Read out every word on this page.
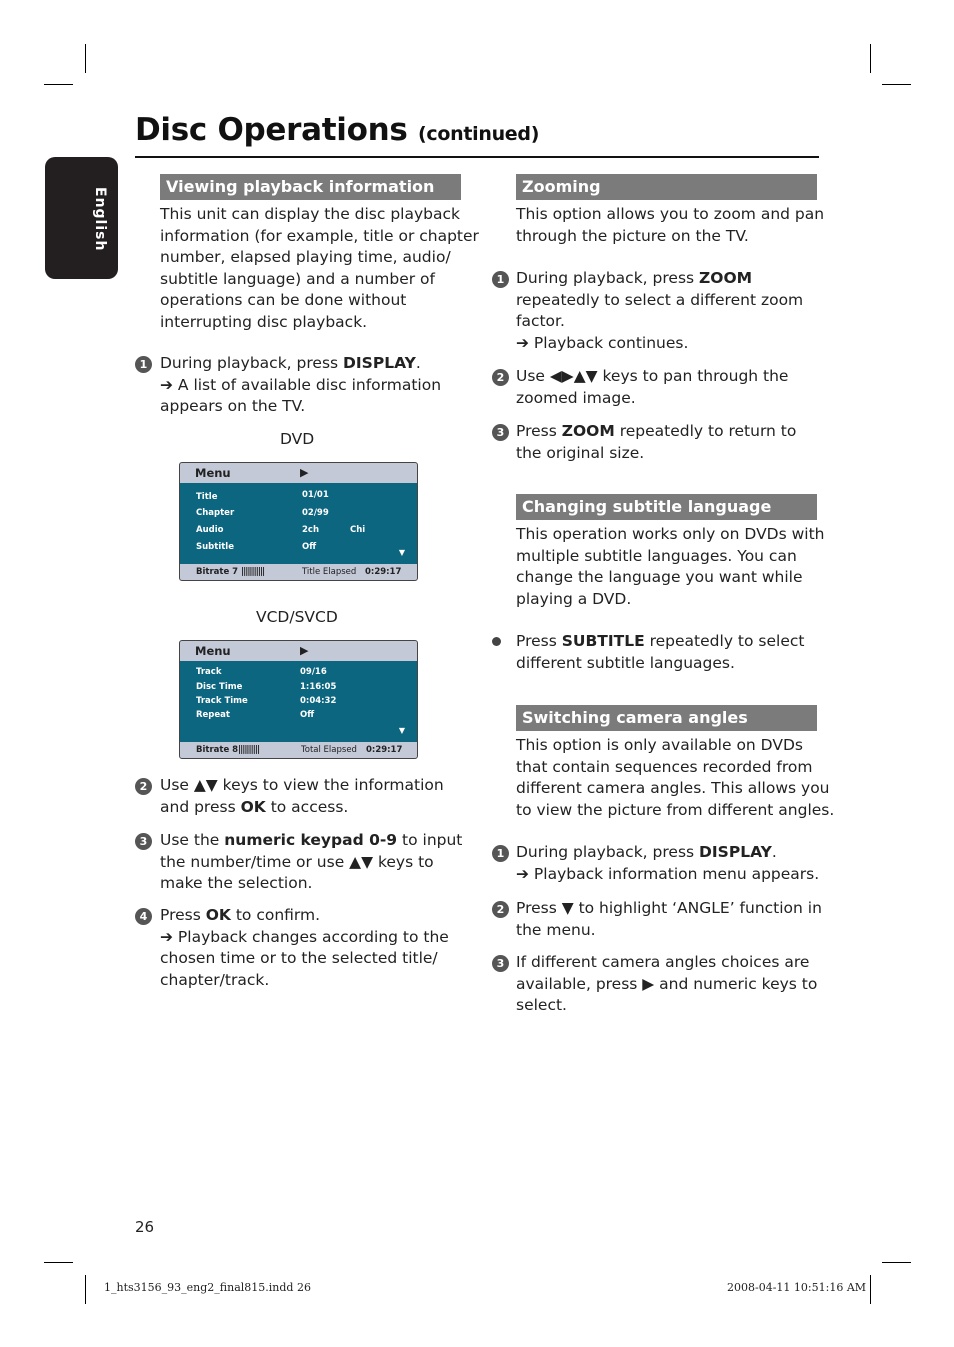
Disc Operations (continued)
English
Viewing playback information
This unit can display the disc playback
information (for example, title or chapter
number, elapsed playing time, audio/
subtitle language) and a number of
operations can be done without
interrupting disc playback.
1 During playback, press DISPLAY.
➔ A list of available disc information
appears on the TV.
DVD
Menu	▶
Title	01/01
Chapter	02/99
Audio	2ch	Chi
Subtitle	Off
▼
Bitrate 7 |||||||||||	Title Elapsed 0:29:17
VCD/SVCD
Menu	▶
Track	09/16
Disc Time	1:16:05
Track Time	0:04:32
Repeat	Off
▼
Bitrate 8 ||||||||||	Total Elapsed 0:29:17
2 Use ▲▼ keys to view the information
and press OK to access.
3 Use the numeric keypad 0-9 to input
the number/time or use ▲▼ keys to
make the selection.
4 Press OK to confirm.
➔ Playback changes according to the
chosen time or to the selected title/
chapter/track.
Zooming
This option allows you to zoom and pan
through the picture on the TV.
1 During playback, press ZOOM
repeatedly to select a different zoom
factor.
➔ Playback continues.
2 Use ◀▶▲▼ keys to pan through the
zoomed image.
3 Press ZOOM repeatedly to return to
the original size.
Changing subtitle language
This operation works only on DVDs with
multiple subtitle languages. You can
change the language you want while
playing a DVD.
Press SUBTITLE repeatedly to select
different subtitle languages.
Switching camera angles
This option is only available on DVDs
that contain sequences recorded from
different camera angles. This allows you
to view the picture from different angles.
1 During playback, press DISPLAY.
➔ Playback information menu appears.
2 Press ▼ to highlight ‘ANGLE’ function in
the menu.
3 If different camera angles choices are
available, press ▶ and numeric keys to
select.
26
1_hts3156_93_eng2_final815.indd 26	2008-04-11 10:51:16 AM
